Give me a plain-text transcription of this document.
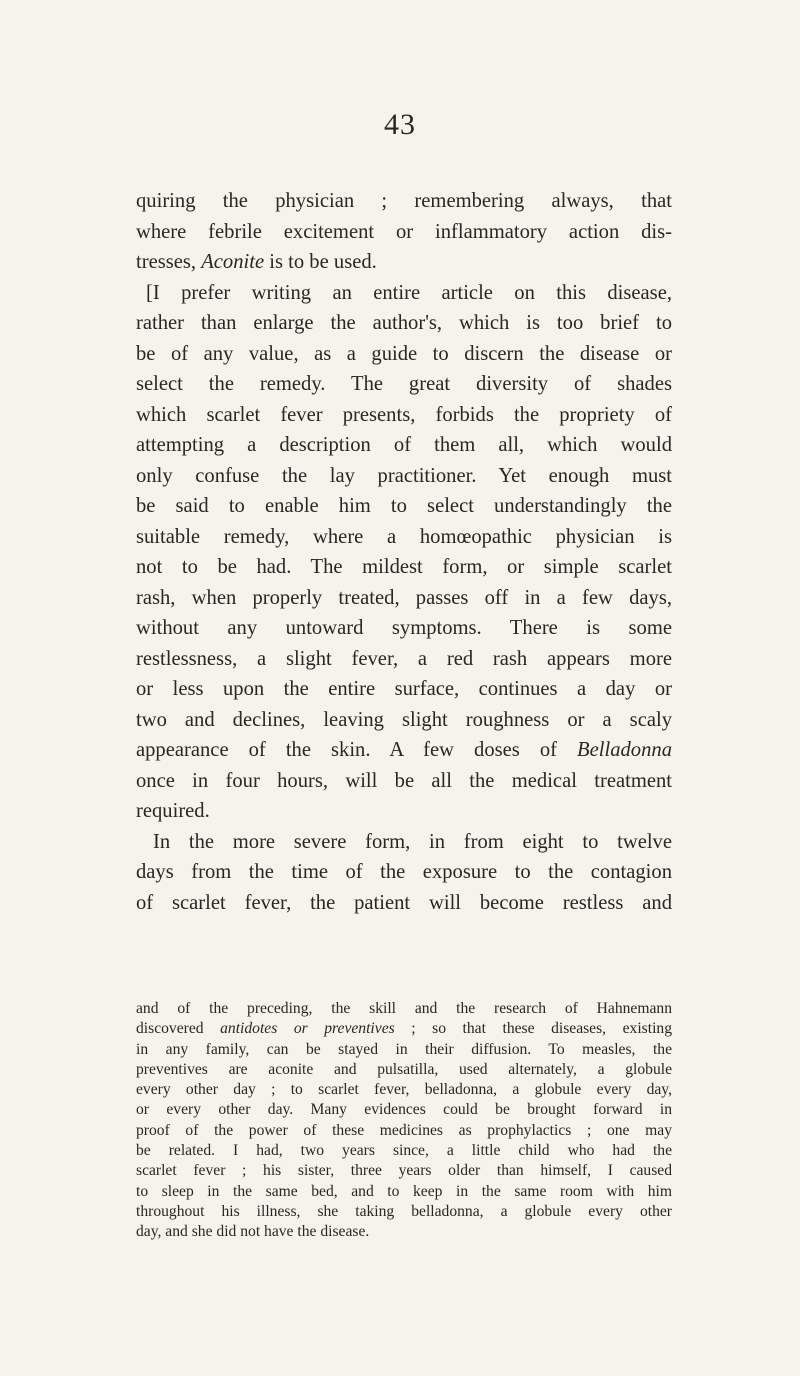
43
quiring the physician ; remembering always, that
where febrile excitement or inflammatory action dis-
tresses, Aconite is to be used.
[I prefer writing an entire article on this disease,
rather than enlarge the author's, which is too brief to
be of any value, as a guide to discern the disease or
select the remedy. The great diversity of shades
which scarlet fever presents, forbids the propriety of
attempting a description of them all, which would
only confuse the lay practitioner. Yet enough must
be said to enable him to select understandingly the
suitable remedy, where a homœopathic physician is
not to be had. The mildest form, or simple scarlet
rash, when properly treated, passes off in a few days,
without any untoward symptoms. There is some
restlessness, a slight fever, a red rash appears more
or less upon the entire surface, continues a day or
two and declines, leaving slight roughness or a scaly
appearance of the skin. A few doses of Belladonna
once in four hours, will be all the medical treatment
required.
In the more severe form, in from eight to twelve
days from the time of the exposure to the contagion
of scarlet fever, the patient will become restless and
and of the preceding, the skill and the research of Hahnemann
discovered antidotes or preventives ; so that these diseases, existing
in any family, can be stayed in their diffusion. To measles, the
preventives are aconite and pulsatilla, used alternately, a globule
every other day ; to scarlet fever, belladonna, a globule every day,
or every other day. Many evidences could be brought forward in
proof of the power of these medicines as prophylactics ; one may
be related. I had, two years since, a little child who had the
scarlet fever ; his sister, three years older than himself, I caused
to sleep in the same bed, and to keep in the same room with him
throughout his illness, she taking belladonna, a globule every other
day, and she did not have the disease.
